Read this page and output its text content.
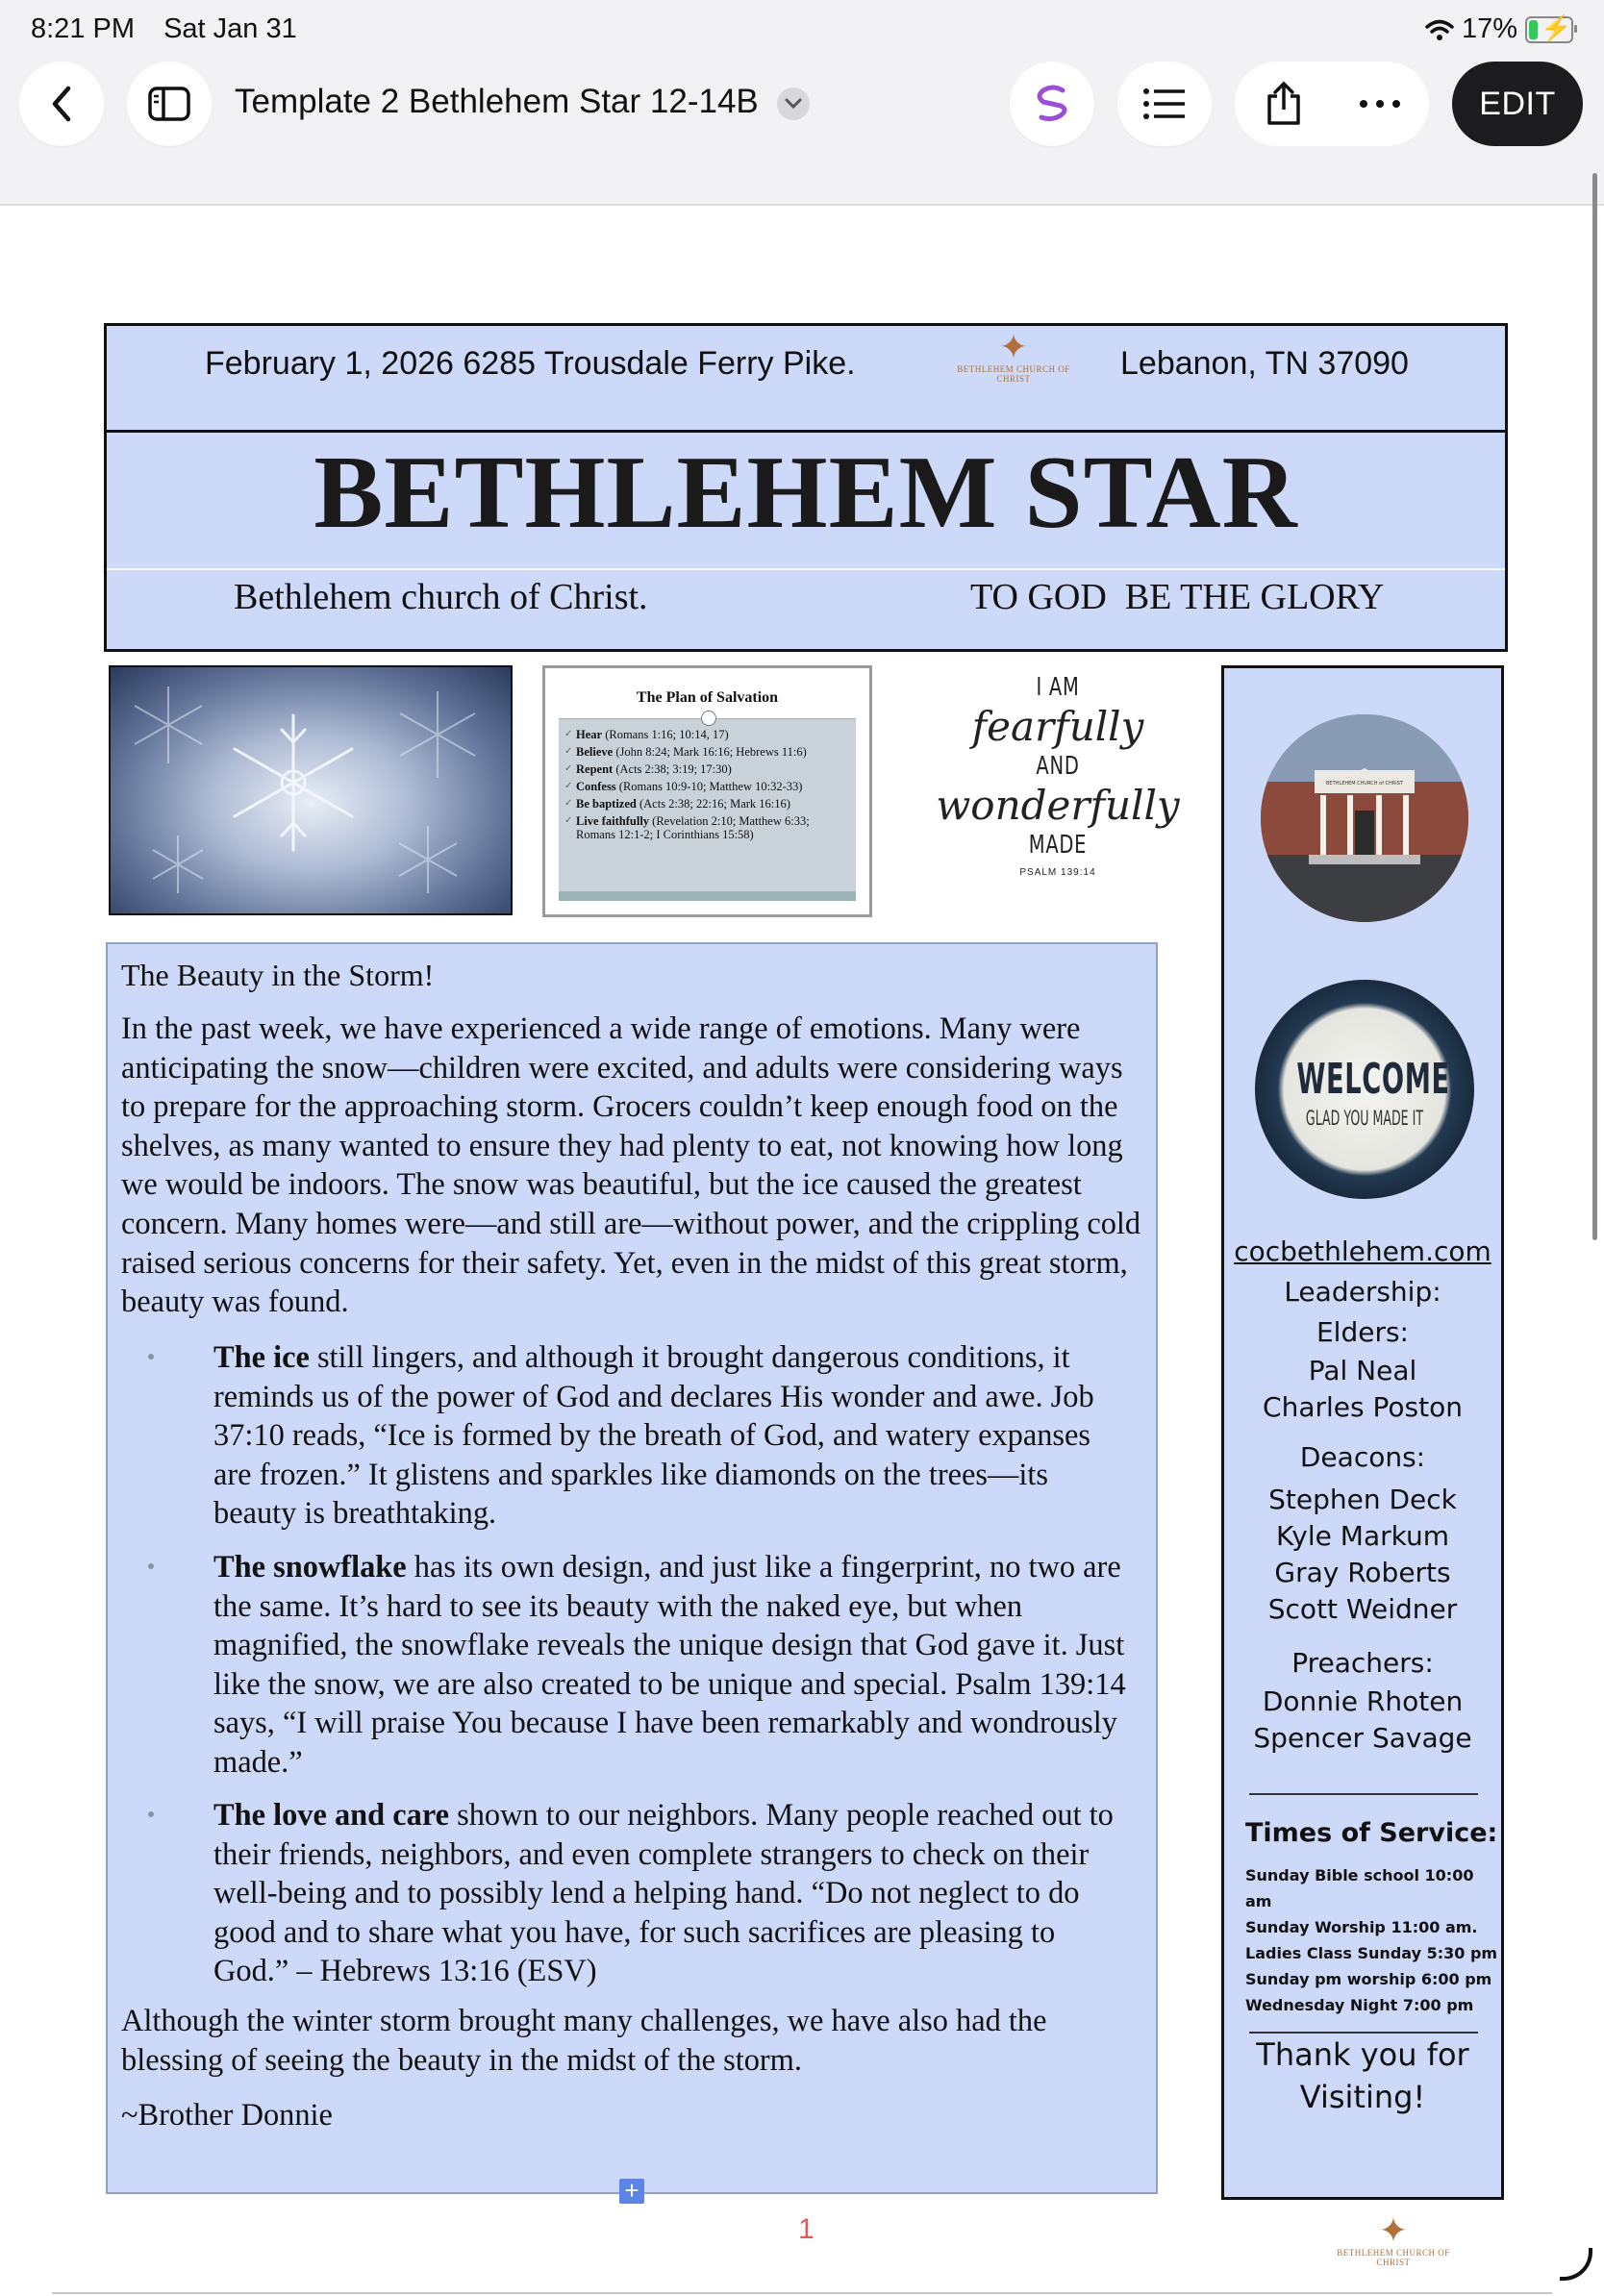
8:21 PM Sat Jan 31	17% ⚡
Template 2 Bethlehem Star 12-14B	EDIT
February 1, 2026 6285 Trousdale Ferry Pike.	✦
BETHLEHEM CHURCH OF CHRIST	Lebanon, TN 37090
BETHLEHEM STAR
Bethlehem church of Christ.	TO GOD  BE THE GLORY
The Plan of Salvation
✓ Hear (Romans 1:16; 10:14, 17)
✓ Believe (John 8:24; Mark 16:16; Hebrews 11:6)
✓ Repent (Acts 2:38; 3:19; 17:30)
✓ Confess (Romans 10:9-10; Matthew 10:32-33)
✓ Be baptized (Acts 2:38; 22:16; Mark 16:16)
✓ Live faithfully (Revelation 2:10; Matthew 6:33; Romans 12:1-2; I Corinthians 15:58)
I AM
fearfully
AND
wonderfully
MADE
PSALM 139:14
The Beauty in the Storm!
In the past week, we have experienced a wide range of emotions. Many were anticipating the snow—children were excited, and adults were considering ways to prepare for the approaching storm. Grocers couldn’t keep enough food on the shelves, as many wanted to ensure they had plenty to eat, not knowing how long we would be indoors. The snow was beautiful, but the ice caused the greatest concern. Many homes were—and still are—without power, and the crippling cold raised serious concerns for their safety. Yet, even in the midst of this great storm, beauty was found.
The ice still lingers, and although it brought dangerous conditions, it reminds us of the power of God and declares His wonder and awe. Job 37:10 reads, “Ice is formed by the breath of God, and watery expanses are frozen.” It glistens and sparkles like diamonds on the trees—its beauty is breathtaking.
The snowflake has its own design, and just like a fingerprint, no two are the same. It’s hard to see its beauty with the naked eye, but when magnified, the snowflake reveals the unique design that God gave it. Just like the snow, we are also created to be unique and special. Psalm 139:14 says, “I will praise You because I have been remarkably and wondrously made.”
The love and care shown to our neighbors. Many people reached out to their friends, neighbors, and even complete strangers to check on their well-being and to possibly lend a helping hand. “Do not neglect to do good and to share what you have, for such sacrifices are pleasing to God.” – Hebrews 13:16 (ESV)
Although the winter storm brought many challenges, we have also had the blessing of seeing the beauty in the midst of the storm.
~Brother Donnie
+
1
BETHLEHEM CHURCH of CHRIST
WELCOME
GLAD YOU MADE IT
cocbethlehem.com
Leadership:
Elders:
Pal Neal
Charles Poston
Deacons:
Stephen Deck
Kyle Markum
Gray Roberts
Scott Weidner
Preachers:
Donnie Rhoten
Spencer Savage
Times of Service:
Sunday Bible school 10:00 am
Sunday Worship 11:00 am.
Ladies Class Sunday 5:30 pm
Sunday pm worship 6:00 pm
Wednesday Night 7:00 pm
Thank you for
Visiting!
✦
BETHLEHEM CHURCH OF CHRIST
